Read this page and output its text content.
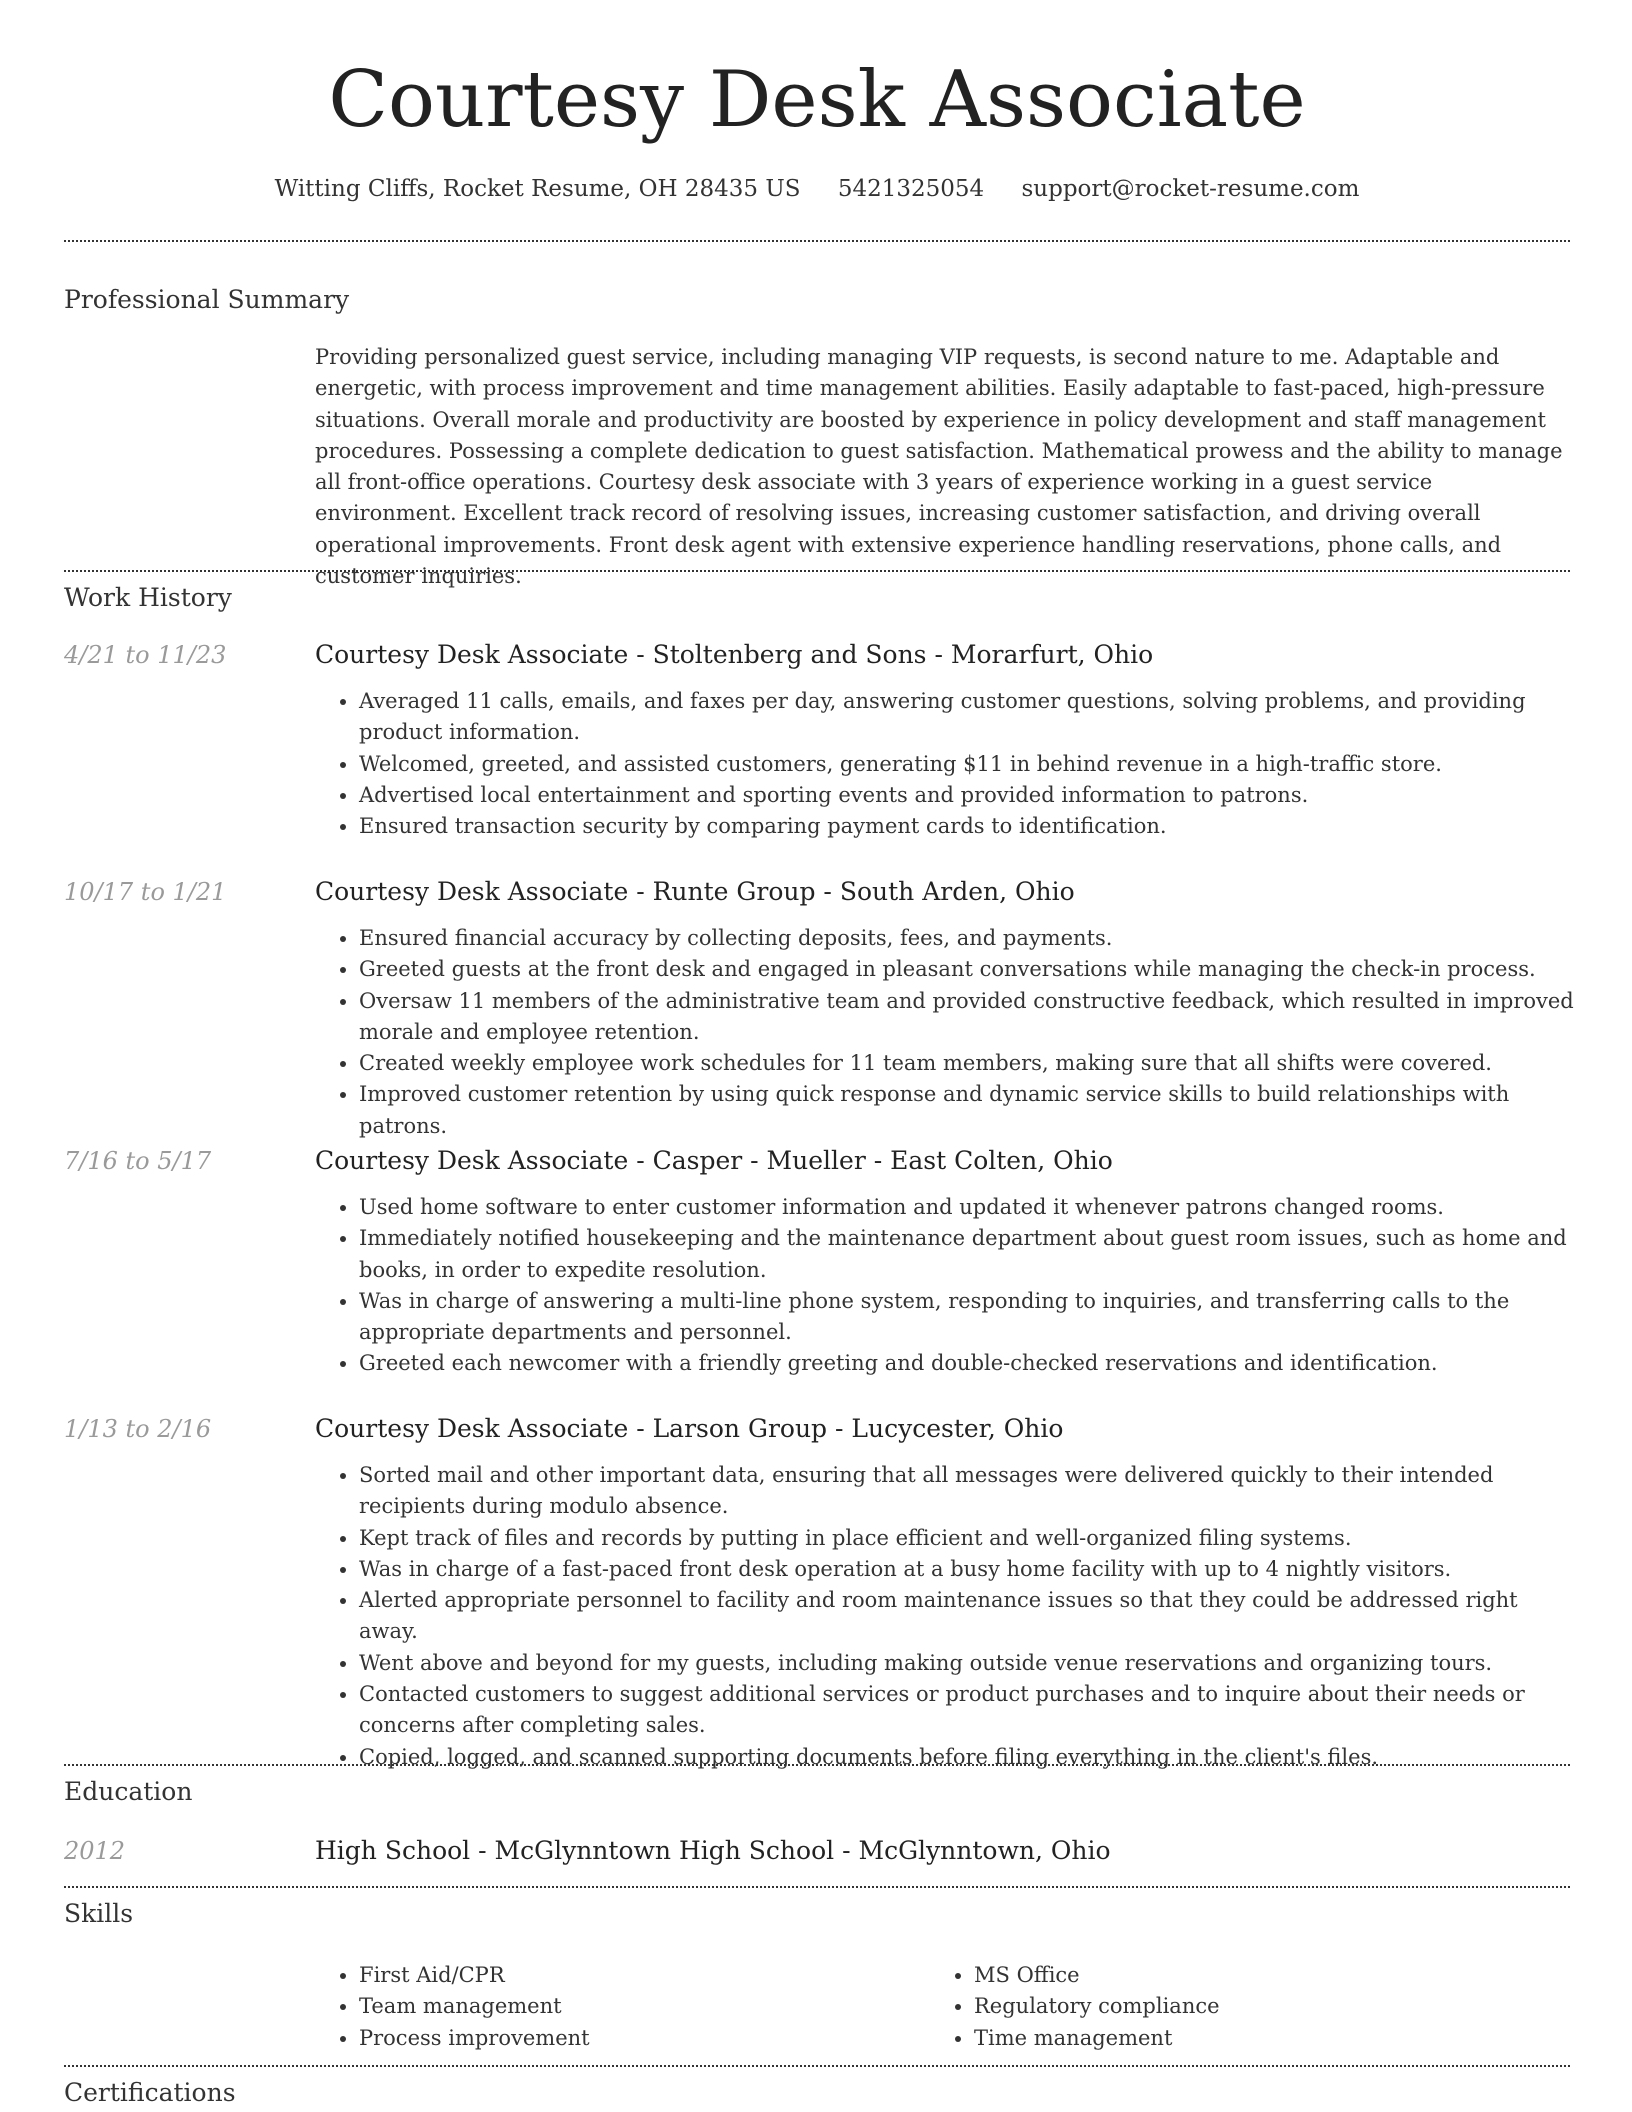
Courtesy Desk Associate
Witting Cliffs, Rocket Resume, OH 28435 US 5421325054 support@rocket-resume.com
Professional Summary
Providing personalized guest service, including managing VIP requests, is second nature to me. Adaptable and energetic, with process improvement and time management abilities. Easily adaptable to fast-paced, high-pressure situations. Overall morale and productivity are boosted by experience in policy development and staff management procedures. Possessing a complete dedication to guest satisfaction. Mathematical prowess and the ability to manage all front-office operations. Courtesy desk associate with 3 years of experience working in a guest service environment. Excellent track record of resolving issues, increasing customer satisfaction, and driving overall operational improvements. Front desk agent with extensive experience handling reservations, phone calls, and customer inquiries.
Work History
4/21 to 11/23	Courtesy Desk Associate - Stoltenberg and Sons - Morarfurt, Ohio
• Averaged 11 calls, emails, and faxes per day, answering customer questions, solving problems, and providing product information.
• Welcomed, greeted, and assisted customers, generating $11 in behind revenue in a high-traffic store.
• Advertised local entertainment and sporting events and provided information to patrons.
• Ensured transaction security by comparing payment cards to identification.
10/17 to 1/21	Courtesy Desk Associate - Runte Group - South Arden, Ohio
• Ensured financial accuracy by collecting deposits, fees, and payments.
• Greeted guests at the front desk and engaged in pleasant conversations while managing the check-in process.
• Oversaw 11 members of the administrative team and provided constructive feedback, which resulted in improved morale and employee retention.
• Created weekly employee work schedules for 11 team members, making sure that all shifts were covered.
• Improved customer retention by using quick response and dynamic service skills to build relationships with patrons.
7/16 to 5/17	Courtesy Desk Associate - Casper - Mueller - East Colten, Ohio
• Used home software to enter customer information and updated it whenever patrons changed rooms.
• Immediately notified housekeeping and the maintenance department about guest room issues, such as home and books, in order to expedite resolution.
• Was in charge of answering a multi-line phone system, responding to inquiries, and transferring calls to the appropriate departments and personnel.
• Greeted each newcomer with a friendly greeting and double-checked reservations and identification.
1/13 to 2/16	Courtesy Desk Associate - Larson Group - Lucycester, Ohio
• Sorted mail and other important data, ensuring that all messages were delivered quickly to their intended recipients during modulo absence.
• Kept track of files and records by putting in place efficient and well-organized filing systems.
• Was in charge of a fast-paced front desk operation at a busy home facility with up to 4 nightly visitors.
• Alerted appropriate personnel to facility and room maintenance issues so that they could be addressed right away.
• Went above and beyond for my guests, including making outside venue reservations and organizing tours.
• Contacted customers to suggest additional services or product purchases and to inquire about their needs or concerns after completing sales.
• Copied, logged, and scanned supporting documents before filing everything in the client's files.
Education
2012	High School - McGlynntown High School - McGlynntown, Ohio
Skills
• First Aid/CPR
• Team management
• Process improvement
• MS Office
• Regulatory compliance
• Time management
Certifications
